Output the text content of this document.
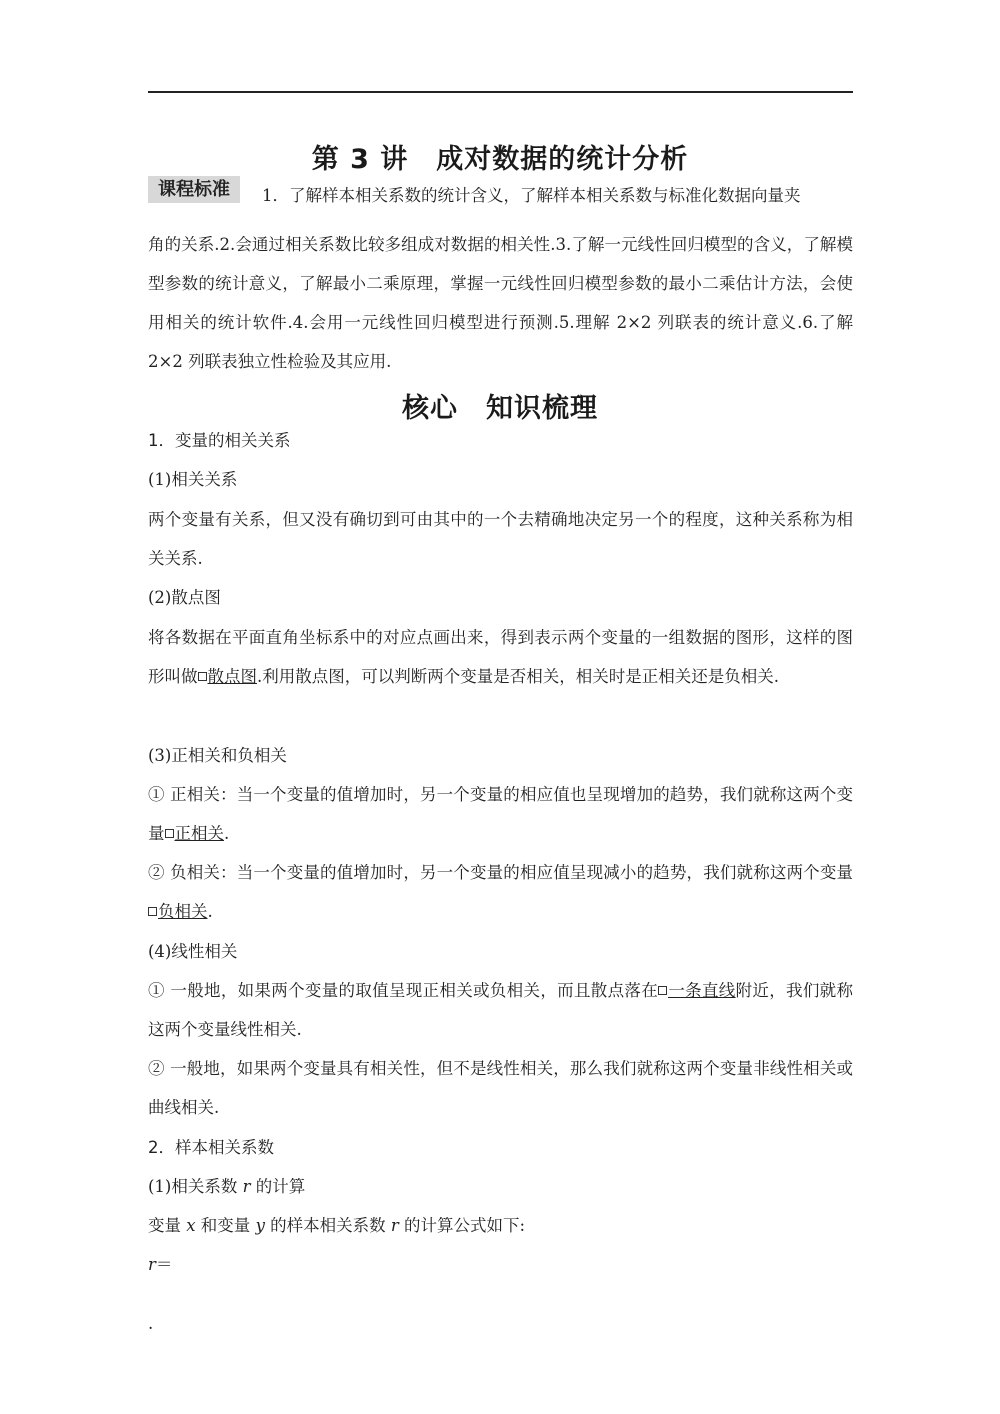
第 3 讲　成对数据的统计分析
课程标准	1．了解样本相关系数的统计含义，了解样本相关系数与标准化数据向量夹
角的关系.2.会通过相关系数比较多组成对数据的相关性.3.了解一元线性回归模型的含义，了解模型参数的统计意义，了解最小二乘原理，掌握一元线性回归模型参数的最小二乘估计方法，会使用相关的统计软件.4.会用一元线性回归模型进行预测.5.理解 2×2 列联表的统计意义.6.了解 2×2 列联表独立性检验及其应用.
核心　知识梳理
1．变量的相关关系
(1)相关关系
两个变量有关系，但又没有确切到可由其中的一个去精确地决定另一个的程度，这种关系称为相关关系.
(2)散点图
将各数据在平面直角坐标系中的对应点画出来，得到表示两个变量的一组数据的图形，这样的图形叫做 散点图.利用散点图，可以判断两个变量是否相关，相关时是正相关还是负相关.
(3)正相关和负相关
① 正相关：当一个变量的值增加时，另一个变量的相应值也呈现增加的趋势，我们就称这两个变量 正相关.
② 负相关：当一个变量的值增加时，另一个变量的相应值呈现减小的趋势，我们就称这两个变量负相关.
(4)线性相关
① 一般地，如果两个变量的取值呈现正相关或负相关，而且散点落在 一条直线附近，我们就称这两个变量线性相关.
② 一般地，如果两个变量具有相关性，但不是线性相关，那么我们就称这两个变量非线性相关或曲线相关.
2．样本相关系数
(1)相关系数 r 的计算
变量 x 和变量 y 的样本相关系数 r 的计算公式如下:
r＝
.
